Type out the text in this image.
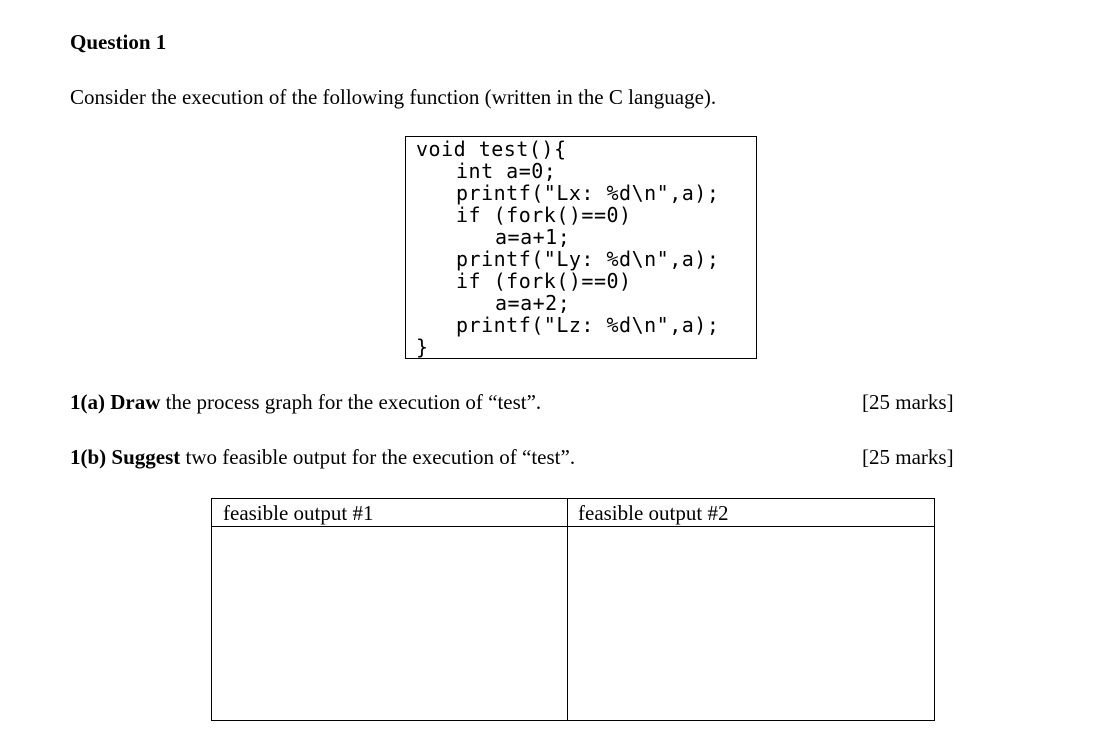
Question 1
Consider the execution of the following function (written in the C language).
void test(){
int a=0;
printf("Lx: %d\n",a);
if (fork()==0)
a=a+1;
printf("Ly: %d\n",a);
if (fork()==0)
a=a+2;
printf("Lz: %d\n",a);
}
1(a) Draw the process graph for the execution of “test”.	[25 marks]
1(b) Suggest two feasible output for the execution of “test”.	[25 marks]
feasible output #1	feasible output #2
